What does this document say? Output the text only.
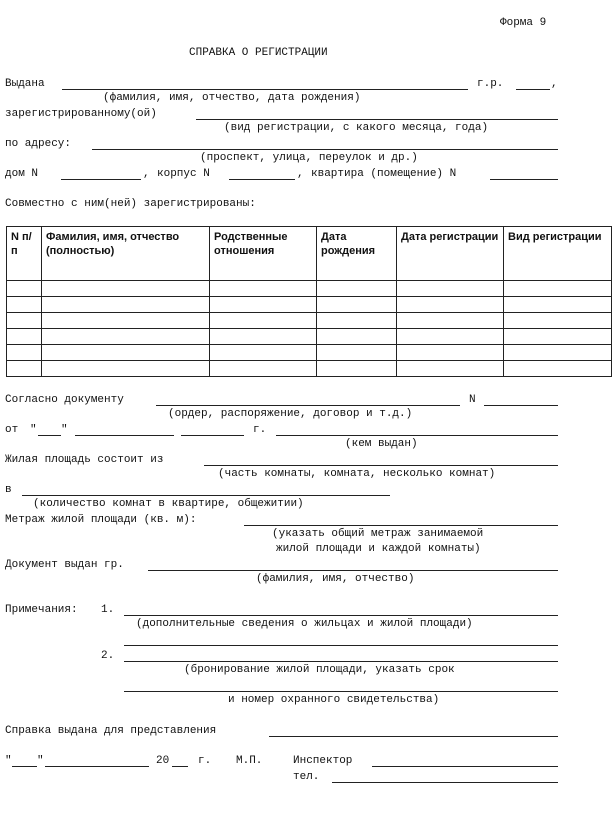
Форма 9
СПРАВКА О РЕГИСТРАЦИИ
Выдана	г.р.	,
(фамилия, имя, отчество, дата рождения)
зарегистрированному(ой)
(вид регистрации, с какого месяца, года)
по адресу:
(проспект, улица, переулок и др.)
дом N	, корпус N	, квартира (помещение) N
Совместно с ним(ней) зарегистрированы:
N п/п	Фамилия, имя, отчество (полностью)	Родственные отношения	Дата рождения	Дата регистрации	Вид регистрации

Согласно документу	N
(ордер, распоряжение, договор и т.д.)
от " "	г.
(кем выдан)
Жилая площадь состоит из
(часть комнаты, комната, несколько комнат)
в
(количество комнат в квартире, общежитии)
Метраж жилой площади (кв. м):
(указать общий метраж занимаемой
жилой площади и каждой комнаты)
Документ выдан гр.
(фамилия, имя, отчество)
Примечания: 1.
(дополнительные сведения о жильцах и жилой площади)
2.
(бронирование жилой площади, указать срок
и номер охранного свидетельства)
Справка выдана для представления
" "	20	г. М.П.	Инспектор
тел.
